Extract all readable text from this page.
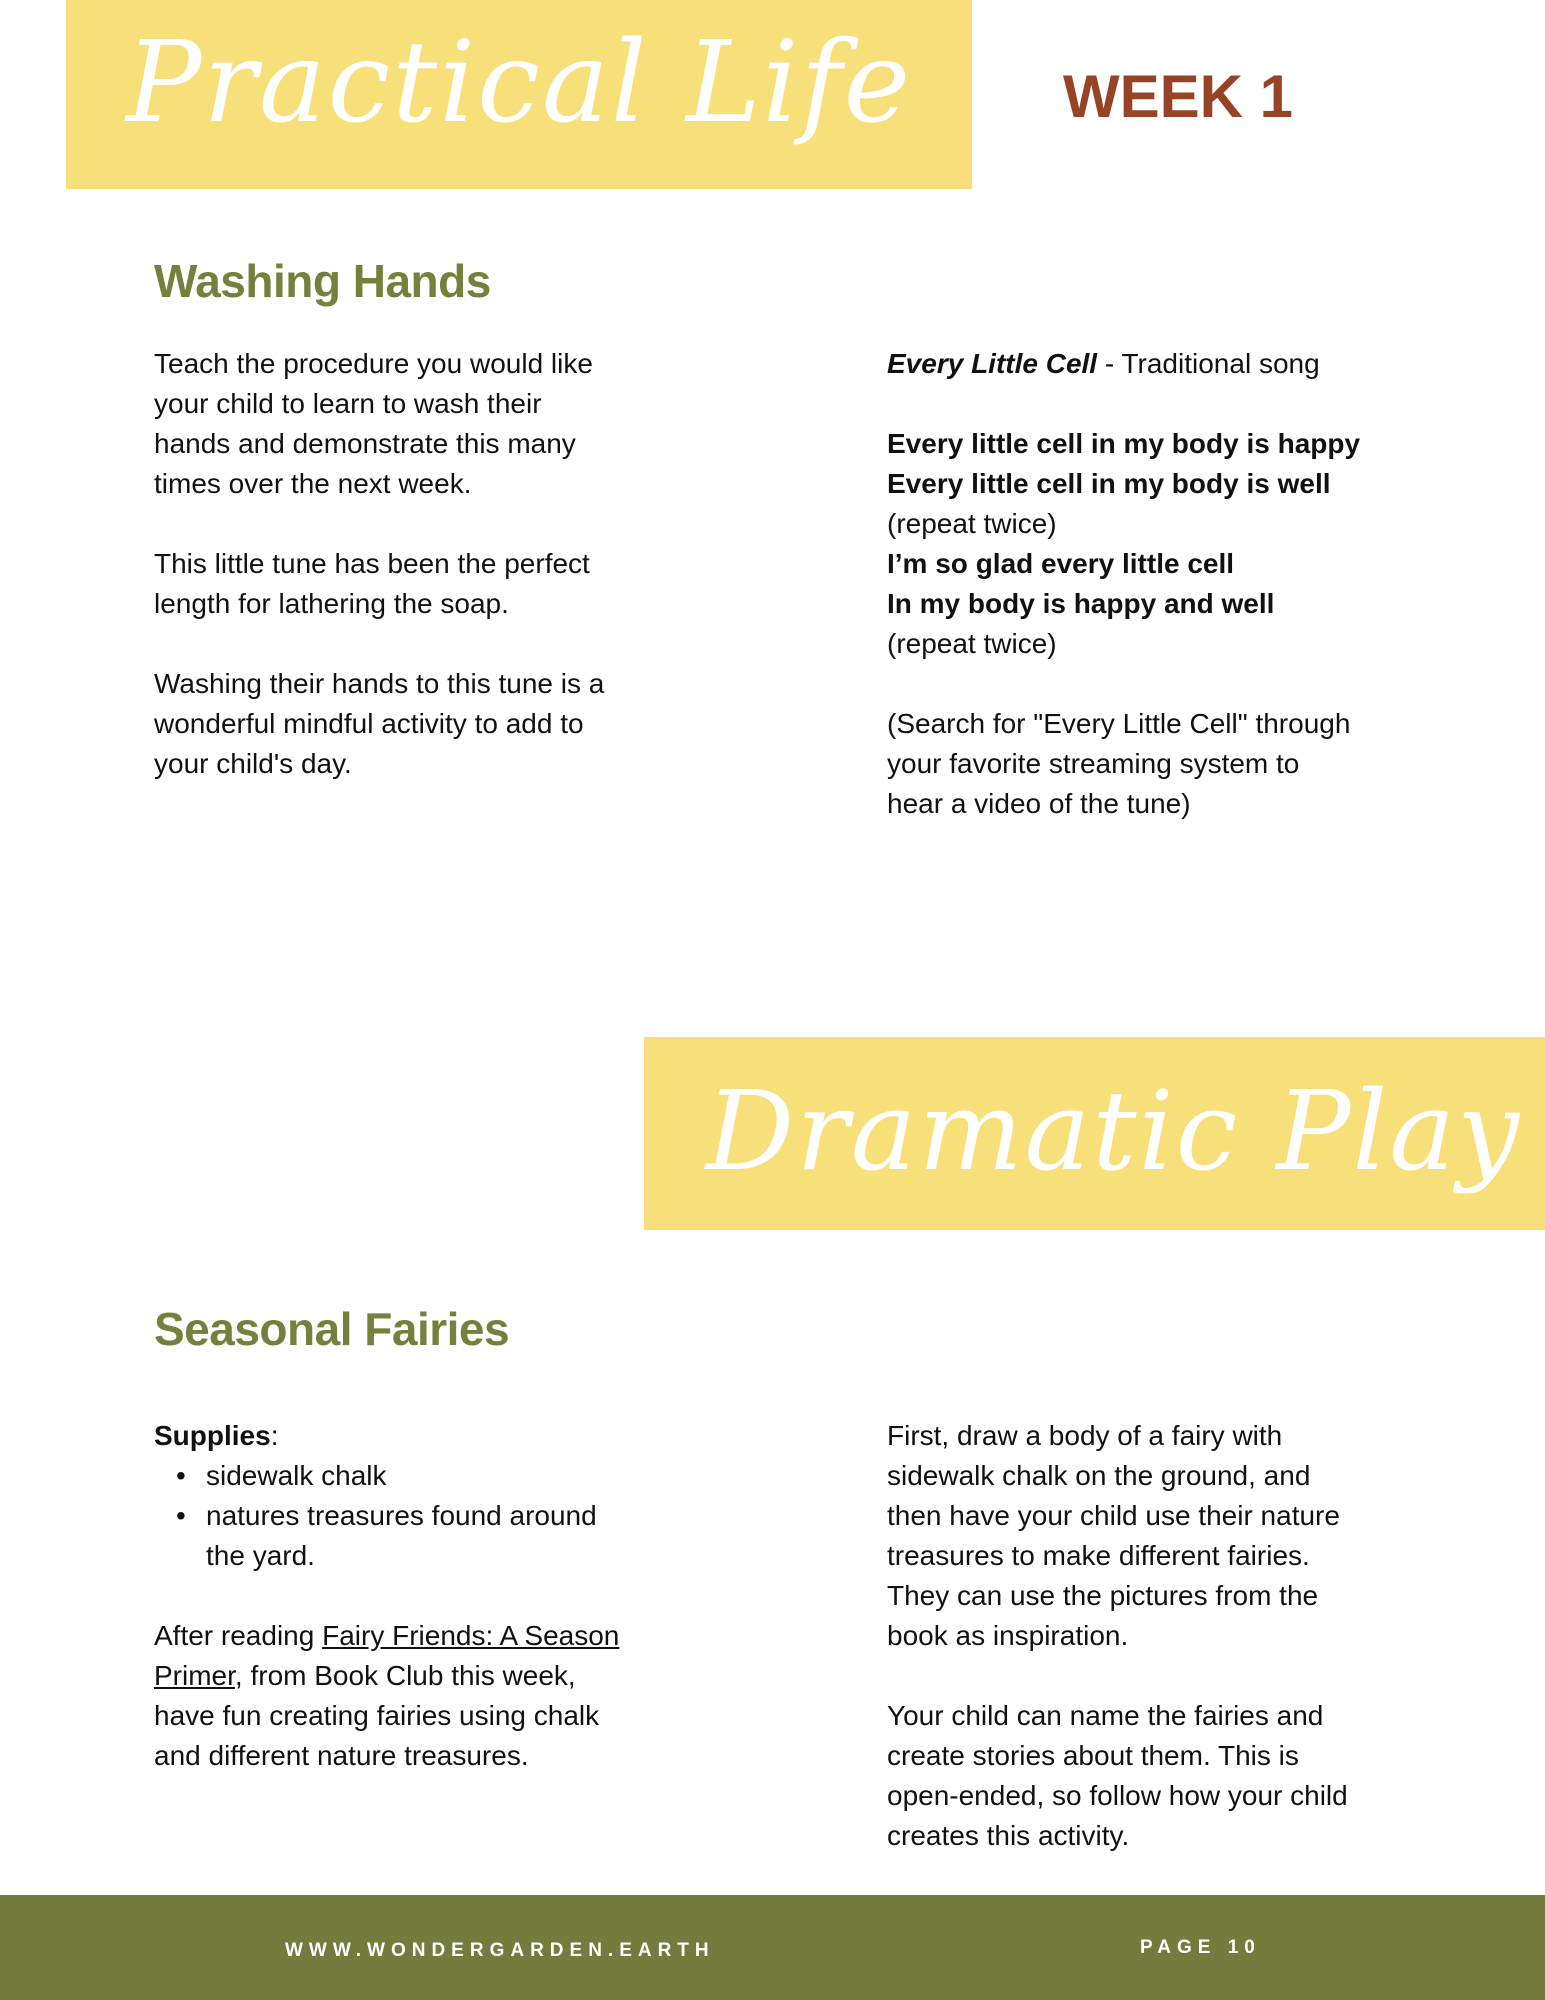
Practical Life	WEEK 1
Washing Hands
Teach the procedure you would like
your child to learn to wash their
hands and demonstrate this many
times over the next week.
This little tune has been the perfect
length for lathering the soap.
Washing their hands to this tune is a
wonderful mindful activity to add to
your child's day.
Every Little Cell - Traditional song
Every little cell in my body is happy
Every little cell in my body is well
(repeat twice)
I’m so glad every little cell
In my body is happy and well
(repeat twice)
(Search for "Every Little Cell" through
your favorite streaming system to
hear a video of the tune)
Dramatic Play
Seasonal Fairies
Supplies:
• sidewalk chalk
• natures treasures found around
the yard.
After reading Fairy Friends: A Season
Primer, from Book Club this week,
have fun creating fairies using chalk
and different nature treasures.
First, draw a body of a fairy with
sidewalk chalk on the ground, and
then have your child use their nature
treasures to make different fairies.
They can use the pictures from the
book as inspiration.
Your child can name the fairies and
create stories about them. This is
open-ended, so follow how your child
creates this activity.
WWW.WONDERGARDEN.EARTH	PAGE 10
